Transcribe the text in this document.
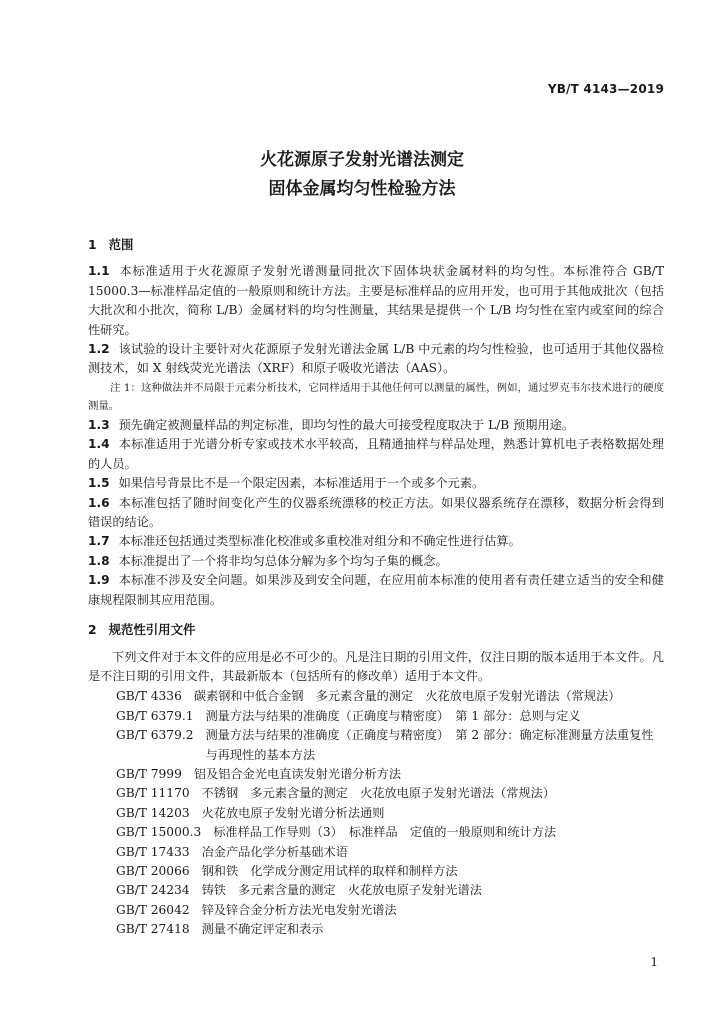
YB/T 4143—2019
火花源原子发射光谱法测定
固体金属均匀性检验方法
1 范围

1.1 本标准适用于火花源原子发射光谱测量同批次下固体块状金属材料的均匀性。本标准符合 GB/T 15000.3—标准样品定值的一般原则和统计方法。主要是标准样品的应用开发，也可用于其他成批次（包括大批次和小批次，简称 L/B）金属材料的均匀性测量，其结果是提供一个 L/B 均匀性在室内或室间的综合性研究。

1.2 该试验的设计主要针对火花源原子发射光谱法金属 L/B 中元素的均匀性检验，也可适用于其他仪器检测技术，如 X 射线荧光光谱法（XRF）和原子吸收光谱法（AAS）。

注 1：这种做法并不局限于元素分析技术，它同样适用于其他任何可以测量的属性，例如，通过罗克韦尔技术进行的硬度测量。

1.3 预先确定被测量样品的判定标准，即均匀性的最大可接受程度取决于 L/B 预期用途。

1.4 本标准适用于光谱分析专家或技术水平较高，且精通抽样与样品处理，熟悉计算机电子表格数据处理的人员。

1.5 如果信号背景比不是一个限定因素，本标准适用于一个或多个元素。

1.6 本标准包括了随时间变化产生的仪器系统漂移的校正方法。如果仪器系统存在漂移，数据分析会得到错误的结论。

1.7 本标准还包括通过类型标准化校准或多重校准对组分和不确定性进行估算。

1.8 本标准提出了一个将非均匀总体分解为多个均匀子集的概念。

1.9 本标准不涉及安全问题。如果涉及到安全问题，在应用前本标准的使用者有责任建立适当的安全和健康规程限制其应用范围。

2 规范性引用文件

下列文件对于本文件的应用是必不可少的。凡是注日期的引用文件，仅注日期的版本适用于本文件。凡是不注日期的引用文件，其最新版本（包括所有的修改单）适用于本文件。

GB/T 4336 碳素钢和中低合金钢　多元素含量的测定　火花放电原子发射光谱法（常规法）
GB/T 6379.1 测量方法与结果的准确度（正确度与精密度）　第 1 部分：总则与定义
GB/T 6379.2 测量方法与结果的准确度（正确度与精密度）　第 2 部分：确定标准测量方法重复性与再现性的基本方法
GB/T 7999 铝及铝合金光电直读发射光谱分析方法
GB/T 11170 不锈钢　多元素含量的测定　火花放电原子发射光谱法（常规法）
GB/T 14203 火花放电原子发射光谱分析法通则
GB/T 15000.3 标准样品工作导则（3）　标准样品　定值的一般原则和统计方法
GB/T 17433 冶金产品化学分析基础术语
GB/T 20066 钢和铁　化学成分测定用试样的取样和制样方法
GB/T 24234 铸铁　多元素含量的测定　火花放电原子发射光谱法
GB/T 26042 锌及锌合金分析方法光电发射光谱法
GB/T 27418 测量不确定评定和表示
1
